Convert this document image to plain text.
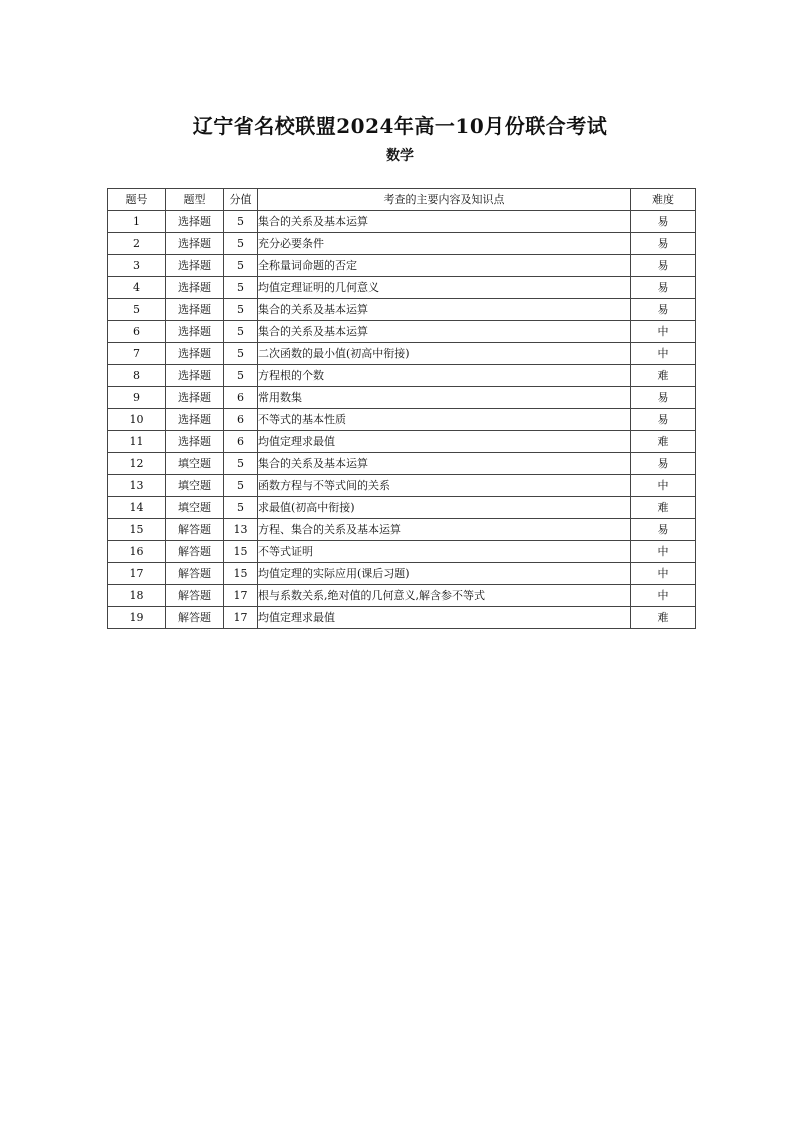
辽宁省名校联盟2024年高一10月份联合考试
数学
题号	题型	分值	考查的主要内容及知识点	难度
1	选择题	5	集合的关系及基本运算	易
2	选择题	5	充分必要条件	易
3	选择题	5	全称量词命题的否定	易
4	选择题	5	均值定理证明的几何意义	易
5	选择题	5	集合的关系及基本运算	易
6	选择题	5	集合的关系及基本运算	中
7	选择题	5	二次函数的最小值(初高中衔接)	中
8	选择题	5	方程根的个数	难
9	选择题	6	常用数集	易
10	选择题	6	不等式的基本性质	易
11	选择题	6	均值定理求最值	难
12	填空题	5	集合的关系及基本运算	易
13	填空题	5	函数方程与不等式间的关系	中
14	填空题	5	求最值(初高中衔接)	难
15	解答题	13	方程、集合的关系及基本运算	易
16	解答题	15	不等式证明	中
17	解答题	15	均值定理的实际应用(课后习题)	中
18	解答题	17	根与系数关系,绝对值的几何意义,解含参不等式	中
19	解答题	17	均值定理求最值	难
